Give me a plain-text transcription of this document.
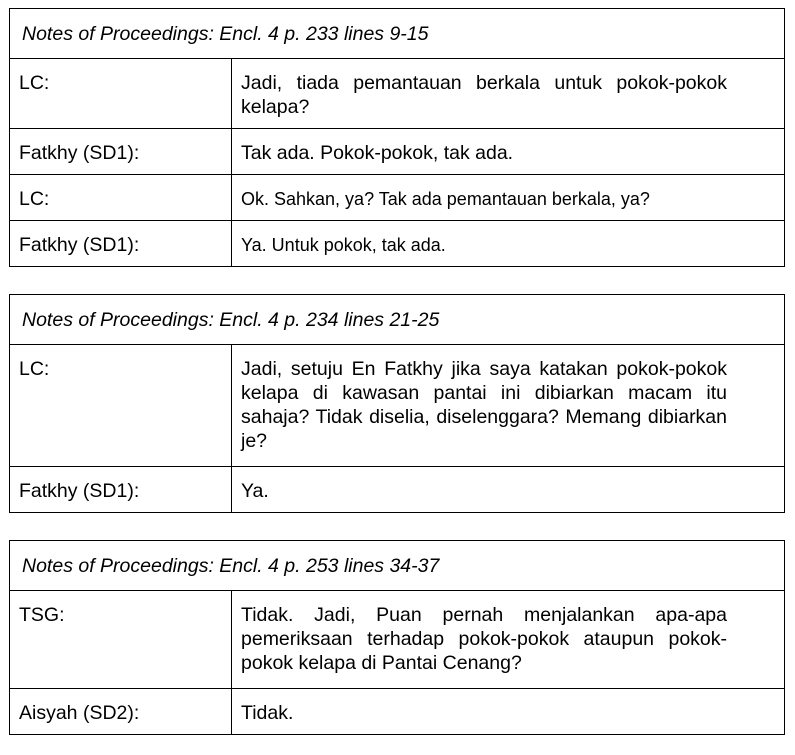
Notes of Proceedings: Encl. 4 p. 233 lines 9-15	
LC:	Jadi, tiada pemantauan berkala untuk pokok-pokok kelapa?
Fatkhy (SD1):	Tak ada. Pokok-pokok, tak ada.
LC:	Ok. Sahkan, ya? Tak ada pemantauan berkala, ya?
Fatkhy (SD1):	Ya. Untuk pokok, tak ada.
Notes of Proceedings: Encl. 4 p. 234 lines 21-25	
LC:	Jadi, setuju En Fatkhy jika saya katakan pokok-pokok kelapa di kawasan pantai ini dibiarkan macam itu sahaja? Tidak diselia, diselenggara? Memang dibiarkan je?
Fatkhy (SD1):	Ya.
Notes of Proceedings: Encl. 4 p. 253 lines 34-37	
TSG:	Tidak. Jadi, Puan pernah menjalankan apa-apa pemeriksaan terhadap pokok-pokok ataupun pokok-pokok kelapa di Pantai Cenang?
Aisyah (SD2):	Tidak.
